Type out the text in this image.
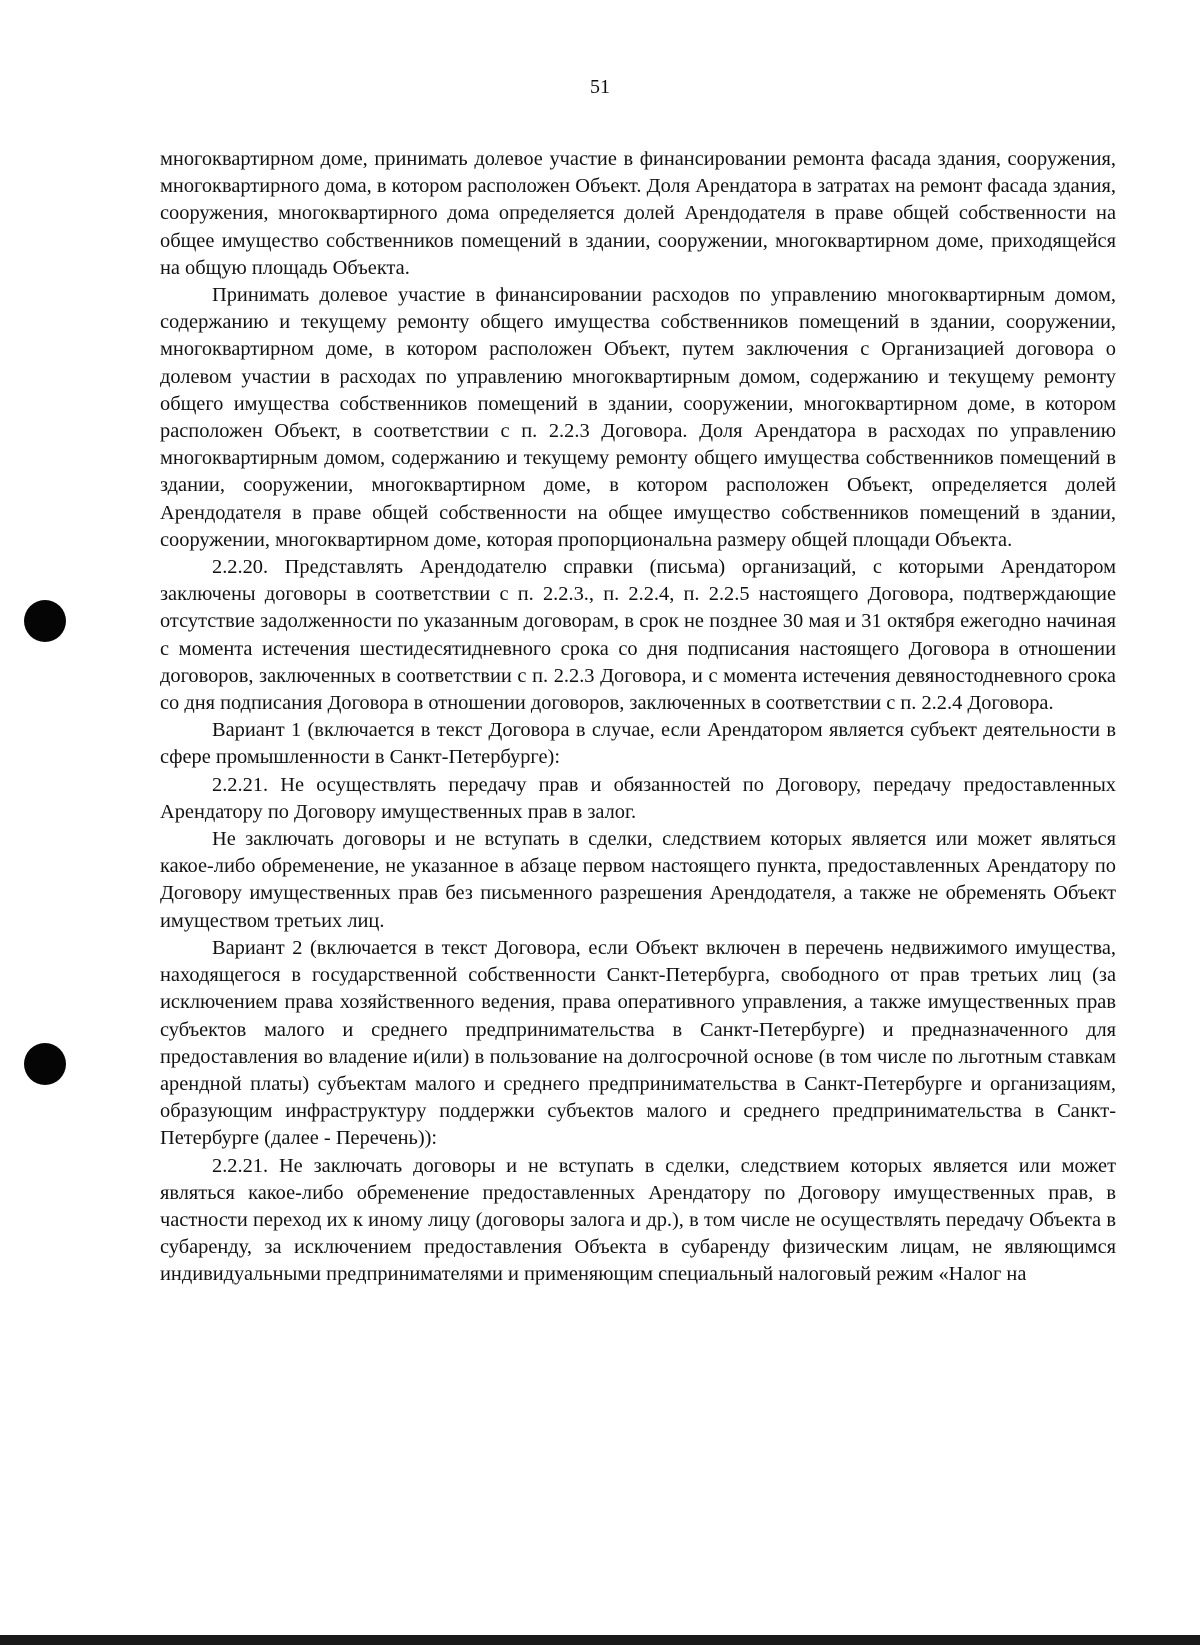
51

многоквартирном доме, принимать долевое участие в финансировании ремонта фасада здания, сооружения, многоквартирного дома, в котором расположен Объект. Доля Арендатора в затратах на ремонт фасада здания, сооружения, многоквартирного дома определяется долей Арендодателя в праве общей собственности на общее имущество собственников помещений в здании, сооружении, многоквартирном доме, приходящейся на общую площадь Объекта.

Принимать долевое участие в финансировании расходов по управлению многоквартирным домом, содержанию и текущему ремонту общего имущества собственников помещений в здании, сооружении, многоквартирном доме, в котором расположен Объект, путем заключения с Организацией договора о долевом участии в расходах по управлению многоквартирным домом, содержанию и текущему ремонту общего имущества собственников помещений в здании, сооружении, многоквартирном доме, в котором расположен Объект, в соответствии с п. 2.2.3 Договора. Доля Арендатора в расходах по управлению многоквартирным домом, содержанию и текущему ремонту общего имущества собственников помещений в здании, сооружении, многоквартирном доме, в котором расположен Объект, определяется долей Арендодателя в праве общей собственности на общее имущество собственников помещений в здании, сооружении, многоквартирном доме, которая пропорциональна размеру общей площади Объекта.

2.2.20. Представлять Арендодателю справки (письма) организаций, с которыми Арендатором заключены договоры в соответствии с п. 2.2.3., п. 2.2.4, п. 2.2.5 настоящего Договора, подтверждающие отсутствие задолженности по указанным договорам, в срок не позднее 30 мая и 31 октября ежегодно начиная с момента истечения шестидесятидневного срока со дня подписания настоящего Договора в отношении договоров, заключенных в соответствии с п. 2.2.3 Договора, и с момента истечения девяностодневного срока со дня подписания Договора в отношении договоров, заключенных в соответствии с п. 2.2.4 Договора.

Вариант 1 (включается в текст Договора в случае, если Арендатором является субъект деятельности в сфере промышленности в Санкт-Петербурге):

2.2.21. Не осуществлять передачу прав и обязанностей по Договору, передачу предоставленных Арендатору по Договору имущественных прав в залог.

Не заключать договоры и не вступать в сделки, следствием которых является или может являться какое-либо обременение, не указанное в абзаце первом настоящего пункта, предоставленных Арендатору по Договору имущественных прав без письменного разрешения Арендодателя, а также не обременять Объект имуществом третьих лиц.

Вариант 2 (включается в текст Договора, если Объект включен в перечень недвижимого имущества, находящегося в государственной собственности Санкт-Петербурга, свободного от прав третьих лиц (за исключением права хозяйственного ведения, права оперативного управления, а также имущественных прав субъектов малого и среднего предпринимательства в Санкт-Петербурге) и предназначенного для предоставления во владение и(или) в пользование на долгосрочной основе (в том числе по льготным ставкам арендной платы) субъектам малого и среднего предпринимательства в Санкт-Петербурге и организациям, образующим инфраструктуру поддержки субъектов малого и среднего предпринимательства в Санкт-Петербурге (далее - Перечень)):

2.2.21. Не заключать договоры и не вступать в сделки, следствием которых является или может являться какое-либо обременение предоставленных Арендатору по Договору имущественных прав, в частности переход их к иному лицу (договоры залога и др.), в том числе не осуществлять передачу Объекта в субаренду, за исключением предоставления Объекта в субаренду физическим лицам, не являющимся индивидуальными предпринимателями и применяющим специальный налоговый режим «Налог на
